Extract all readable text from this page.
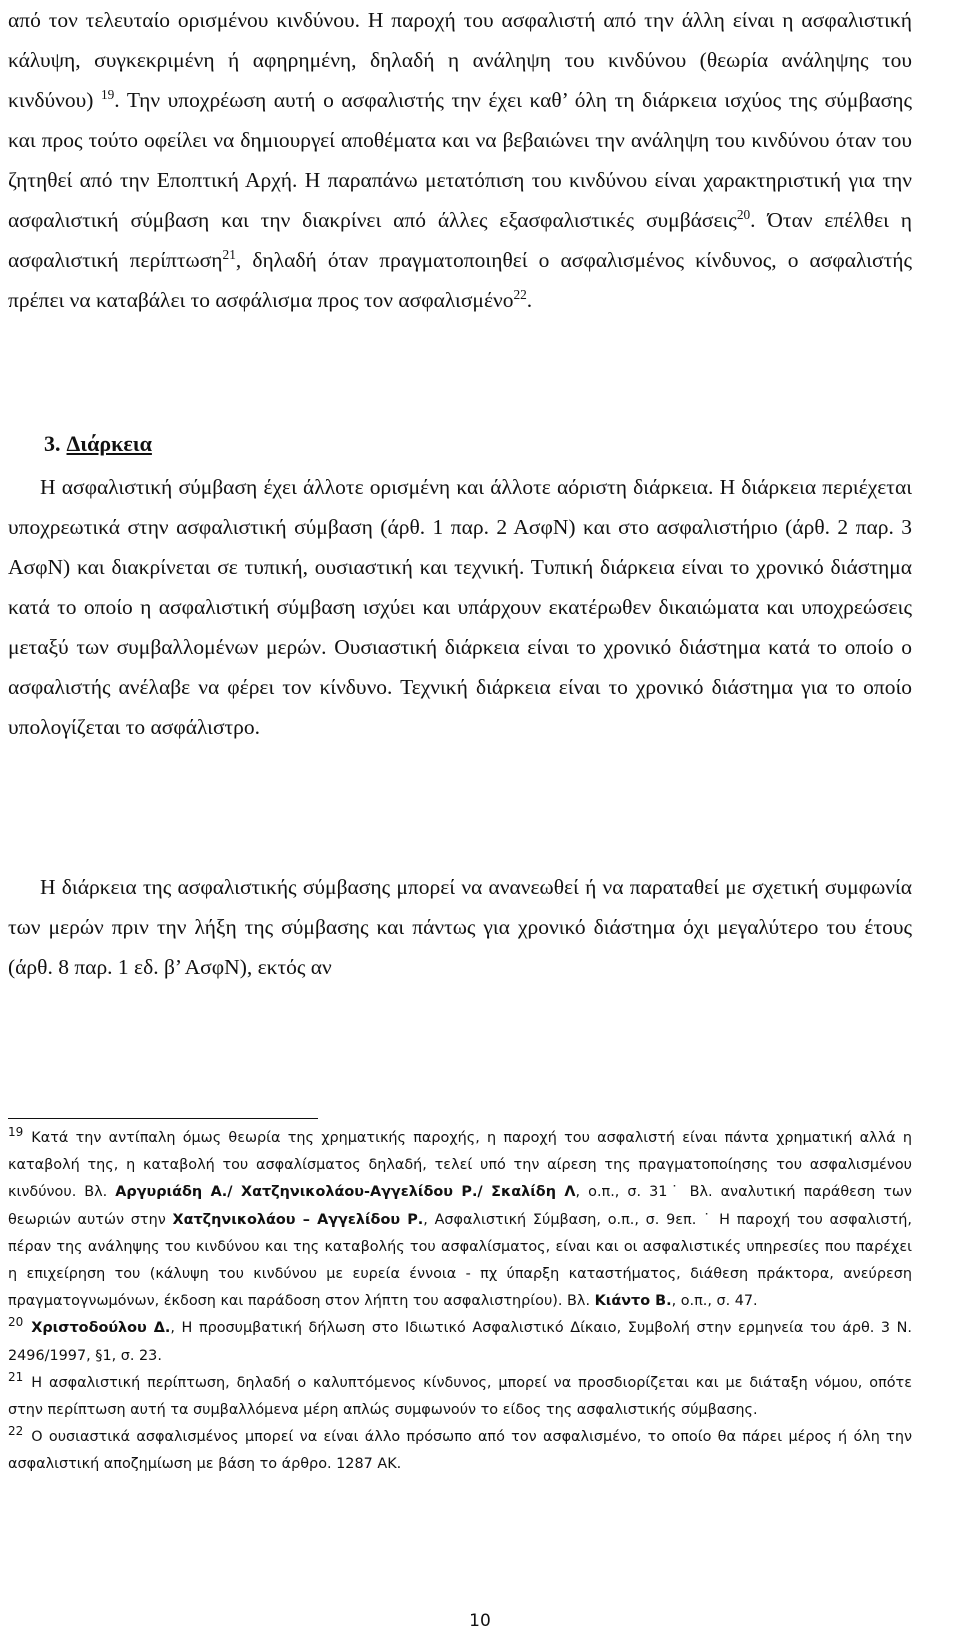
από τον τελευταίο ορισμένου κινδύνου. Η παροχή του ασφαλιστή από την άλλη είναι η ασφαλιστική κάλυψη, συγκεκριμένη ή αφηρημένη, δηλαδή η ανάληψη του κινδύνου (θεωρία ανάληψης του κινδύνου) $^{19}$. Την υποχρέωση αυτή ο ασφαλιστής την έχει καθ’ όλη τη διάρκεια ισχύος της σύμβασης και προς τούτο οφείλει να δημιουργεί αποθέματα και να βεβαιώνει την ανάληψη του κινδύνου όταν του ζητηθεί από την Εποπτική Αρχή. Η παραπάνω μετατόπιση του κινδύνου είναι χαρακτηριστική για την ασφαλιστική σύμβαση και την διακρίνει από άλλες εξασφαλιστικές συμβάσεις$^{20}$. Όταν επέλθει η ασφαλιστική περίπτωση$^{21}$, δηλαδή όταν πραγματοποιηθεί ο ασφαλισμένος κίνδυνος, ο ασφαλιστής πρέπει να καταβάλει το ασφάλισμα προς τον ασφαλισμένο$^{22}$.

3. Διάρκεια

Η ασφαλιστική σύμβαση έχει άλλοτε ορισμένη και άλλοτε αόριστη διάρκεια. Η διάρκεια περιέχεται υποχρεωτικά στην ασφαλιστική σύμβαση (άρθ. 1 παρ. 2 ΑσφΝ) και στο ασφαλιστήριο (άρθ. 2 παρ. 3 ΑσφΝ) και διακρίνεται σε τυπική, ουσιαστική και τεχνική. Τυπική διάρκεια είναι το χρονικό διάστημα κατά το οποίο η ασφαλιστική σύμβαση ισχύει και υπάρχουν εκατέρωθεν δικαιώματα και υποχρεώσεις μεταξύ των συμβαλλομένων μερών. Ουσιαστική διάρκεια είναι το χρονικό διάστημα κατά το οποίο ο ασφαλιστής ανέλαβε να φέρει τον κίνδυνο. Τεχνική διάρκεια είναι το χρονικό διάστημα για το οποίο υπολογίζεται το ασφάλιστρο.

Η διάρκεια της ασφαλιστικής σύμβασης μπορεί να ανανεωθεί ή να παραταθεί με σχετική συμφωνία των μερών πριν την λήξη της σύμβασης και πάντως για χρονικό διάστημα όχι μεγαλύτερο του έτους (άρθ. 8 παρ. 1 εδ. β’ ΑσφΝ), εκτός αν

$^{19}$ Κατά την αντίπαλη όμως θεωρία της χρηματικής παροχής, η παροχή του ασφαλιστή είναι πάντα χρηματική αλλά η καταβολή της, η καταβολή του ασφαλίσματος δηλαδή, τελεί υπό την αίρεση της πραγματοποίησης του ασφαλισμένου κινδύνου. Βλ. Αργυριάδη Α./ Χατζηνικολάου-Αγγελίδου Ρ./ Σκαλίδη Λ, ο.π., σ. 31˙ Βλ. αναλυτική παράθεση των θεωριών αυτών στην Χατζηνικολάου – Αγγελίδου Ρ., Ασφαλιστική Σύμβαση, ο.π., σ. 9επ. ˙ Η παροχή του ασφαλιστή, πέραν της ανάληψης του κινδύνου και της καταβολής του ασφαλίσματος, είναι και οι ασφαλιστικές υπηρεσίες που παρέχει η επιχείρηση του (κάλυψη του κινδύνου με ευρεία έννοια - πχ ύπαρξη καταστήματος, διάθεση πράκτορα, ανεύρεση πραγματογνωμόνων, έκδοση και παράδοση στον λήπτη του ασφαλιστηρίου). Βλ. Κιάντο Β., ο.π., σ. 47.

$^{20}$ Χριστοδούλου Δ., Η προσυμβατική δήλωση στο Ιδιωτικό Ασφαλιστικό Δίκαιο, Συμβολή στην ερμηνεία του άρθ. 3 Ν. 2496/1997, §1, σ. 23.

$^{21}$ Η ασφαλιστική περίπτωση, δηλαδή ο καλυπτόμενος κίνδυνος, μπορεί να προσδιορίζεται και με διάταξη νόμου, οπότε στην περίπτωση αυτή τα συμβαλλόμενα μέρη απλώς συμφωνούν το είδος της ασφαλιστικής σύμβασης.

$^{22}$ Ο ουσιαστικά ασφαλισμένος μπορεί να είναι άλλο πρόσωπο από τον ασφαλισμένο, το οποίο θα πάρει μέρος ή όλη την ασφαλιστική αποζημίωση με βάση το άρθρο. 1287 ΑΚ.

10
